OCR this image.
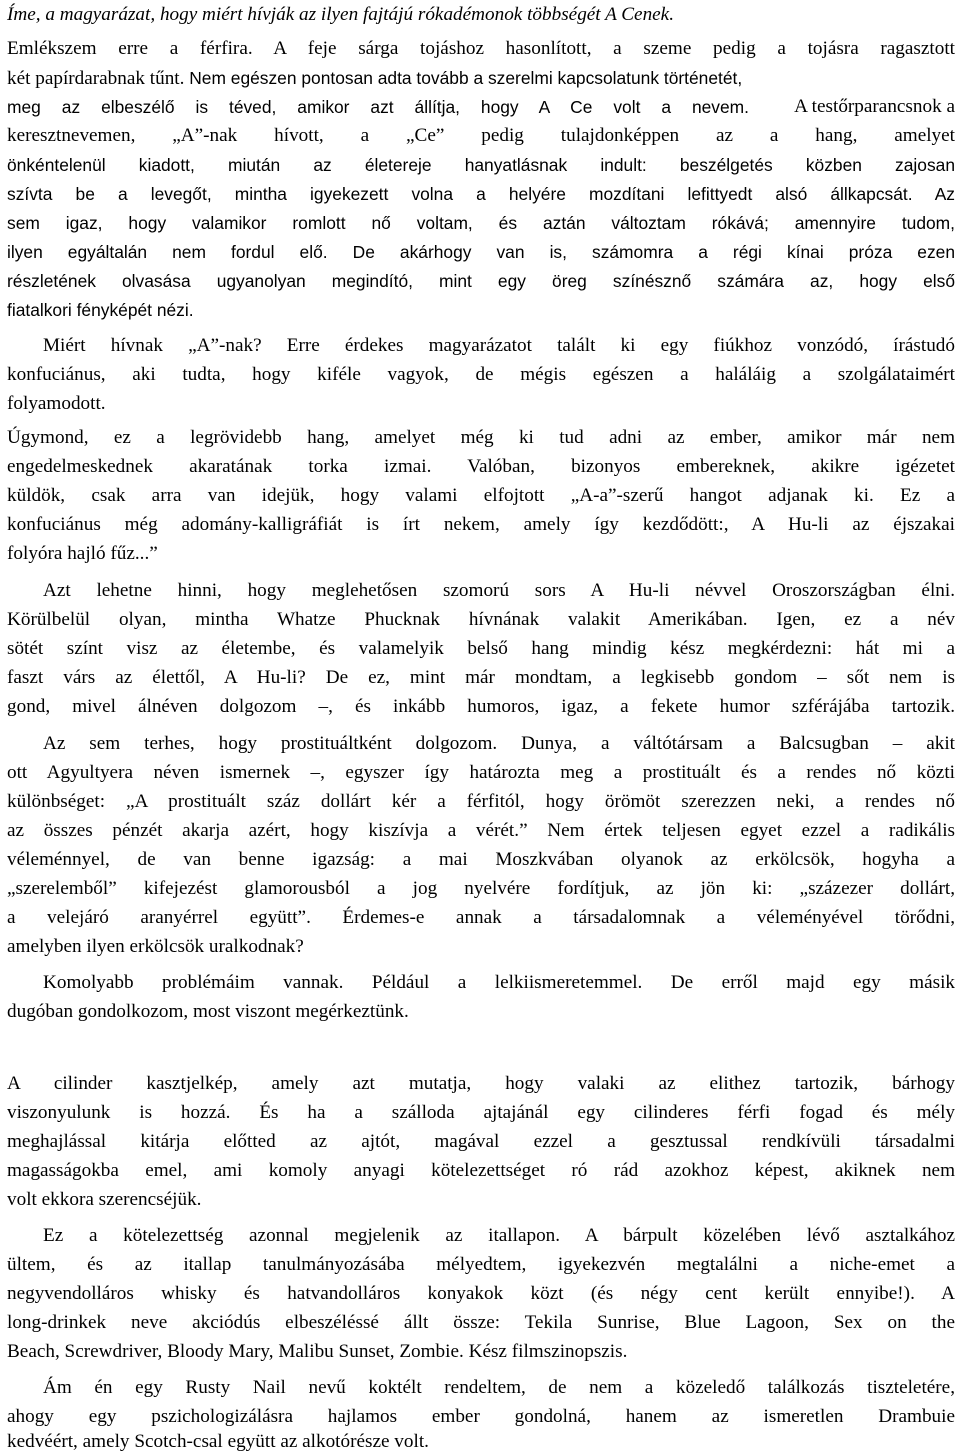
Íme, a magyarázat, hogy miért hívják az ilyen fajtájú rókadémonok többségét A Cenek.
Emlékszem erre a férfira. A feje sárga tojáshoz hasonlított, a szeme pedig a tojásra ragasztott
két papírdarabnak tűnt. Nem egészen pontosan adta tovább a szerelmi kapcsolatunk történetét,
meg az elbeszélő is téved, amikor azt állítja, hogy A Ce volt a nevem. A testőrparancsnok a
keresztnevemen, „A”-nak hívott, a „Ce” pedig tulajdonképpen az a hang, amelyet
önkéntelenül kiadott, miután az életereje hanyatlásnak indult: beszélgetés közben zajosan
szívta be a levegőt, mintha igyekezett volna a helyére mozdítani lefittyedt alsó állkapcsát. Az
sem igaz, hogy valamikor romlott nő voltam, és aztán változtam rókává; amennyire tudom,
ilyen egyáltalán nem fordul elő. De akárhogy van is, számomra a régi kínai próza ezen
részletének olvasása ugyanolyan megindító, mint egy öreg színésznő számára az, hogy első
fiatalkori fényképét nézi.
Miért hívnak „A”-nak? Erre érdekes magyarázatot talált ki egy fiúkhoz vonzódó, írástudó
konfuciánus, aki tudta, hogy kiféle vagyok, de mégis egészen a haláláig a szolgálataimért
folyamodott.
Úgymond, ez a legrövidebb hang, amelyet még ki tud adni az ember, amikor már nem
engedelmeskednek akaratának torka izmai. Valóban, bizonyos embereknek, akikre igézetet
küldök, csak arra van idejük, hogy valami elfojtott „A-a”-szerű hangot adjanak ki. Ez a
konfuciánus még adomány-kalligráfiát is írt nekem, amely így kezdődött:, A Hu-li az éjszakai
folyóra hajló fűz...”
Azt lehetne hinni, hogy meglehetősen szomorú sors A Hu-li névvel Oroszországban élni.
Körülbelül olyan, mintha Whatze Phucknak hívnának valakit Amerikában. Igen, ez a név
sötét színt visz az életembe, és valamelyik belső hang mindig kész megkérdezni: hát mi a
faszt várs az élettől, A Hu-li? De ez, mint már mondtam, a legkisebb gondom – sőt nem is
gond, mivel álnéven dolgozom –, és inkább humoros, igaz, a fekete humor szférájába tartozik.
Az sem terhes, hogy prostituáltként dolgozom. Dunya, a váltótársam a Balcsugban – akit
ott Agyultyera néven ismernek –, egyszer így határozta meg a prostituált és a rendes nő közti
különbséget: „A prostituált száz dollárt kér a férfitól, hogy örömöt szerezzen neki, a rendes nő
az összes pénzét akarja azért, hogy kiszívja a vérét.” Nem értek teljesen egyet ezzel a radikális
véleménnyel, de van benne igazság: a mai Moszkvában olyanok az erkölcsök, hogyha a
„szerelemből” kifejezést glamorousból a jog nyelvére fordítjuk, az jön ki: „százezer dollárt,
a velejáró aranyérrel együtt”. Érdemes-e annak a társadalomnak a véleményével törődni,
amelyben ilyen erkölcsök uralkodnak?
Komolyabb problémáim vannak. Például a lelkiismeretemmel. De erről majd egy másik
dugóban gondolkozom, most viszont megérkeztünk.
A cilinder kasztjelkép, amely azt mutatja, hogy valaki az elithez tartozik, bárhogy
viszonyulunk is hozzá. És ha a szálloda ajtajánál egy cilinderes férfi fogad és mély
meghajlással kitárja előtted az ajtót, magával ezzel a gesztussal rendkívüli társadalmi
magasságokba emel, ami komoly anyagi kötelezettséget ró rád azokhoz képest, akiknek nem
volt ekkora szerencséjük.
Ez a kötelezettség azonnal megjelenik az itallapon. A bárpult közelében lévő asztalkához
ültem, és az itallap tanulmányozásába mélyedtem, igyekezvén megtalálni a niche-emet a
negyvendolláros whisky és hatvandolláros konyakok közt (és négy cent került ennyibe!). A
long-drinkek neve akciódús elbeszéléssé állt össze: Tekila Sunrise, Blue Lagoon, Sex on the
Beach, Screwdriver, Bloody Mary, Malibu Sunset, Zombie. Kész filmszinopszis.
Ám én egy Rusty Nail nevű koktélt rendeltem, de nem a közeledő találkozás tiszteletére,
ahogy egy pszichologizálásra hajlamos ember gondolná, hanem az ismeretlen Drambuie
kedvéért, amely Scotch-csal együtt az alkotórésze volt.
